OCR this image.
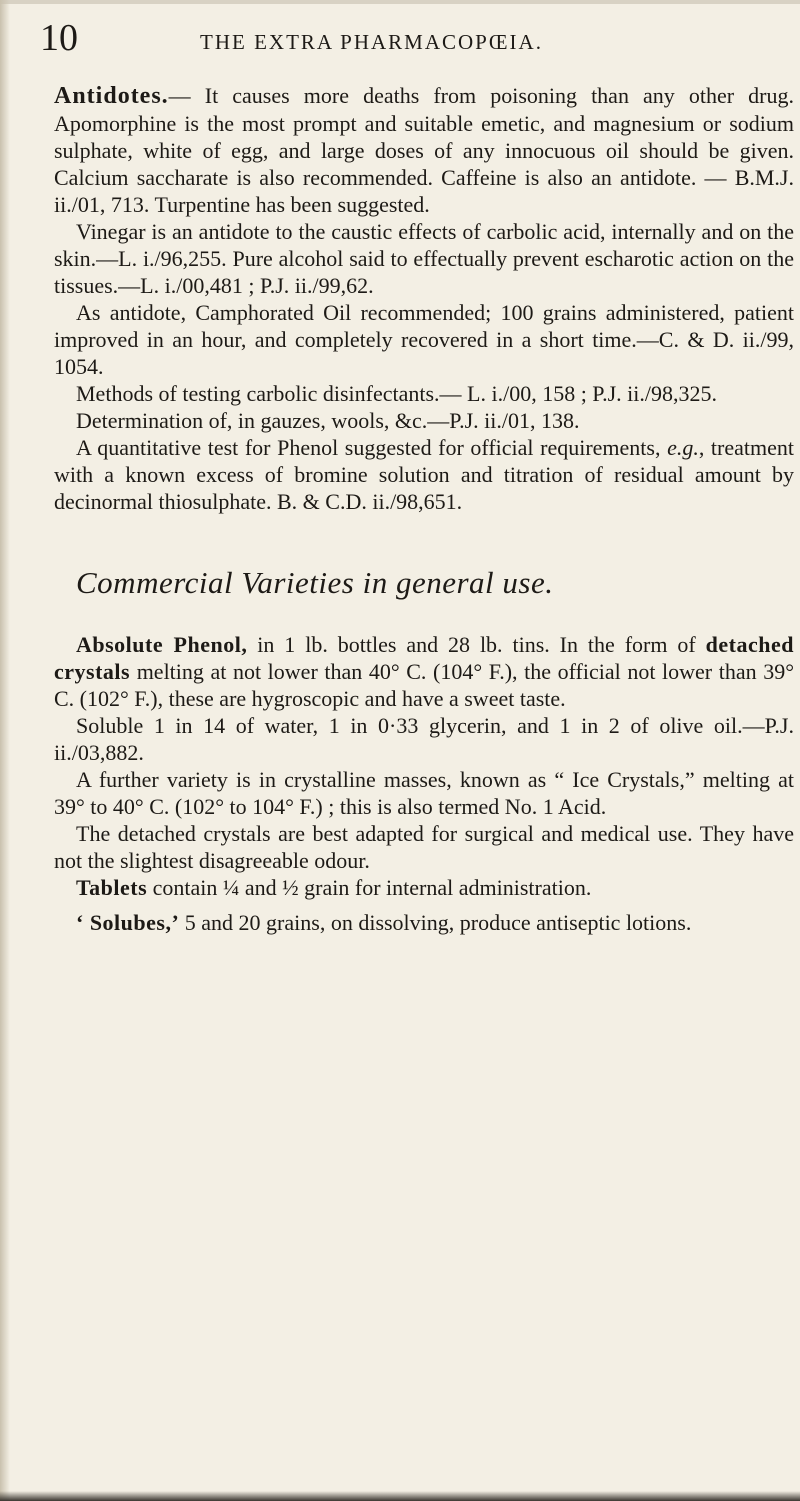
10	THE EXTRA PHARMACOPŒIA.

Antidotes.— It causes more deaths from poisoning than any other drug. Apomorphine is the most prompt and suitable emetic, and magnesium or sodium sulphate, white of egg, and large doses of any innocuous oil should be given. Calcium saccharate is also recommended. Caffeine is also an antidote. — B.M.J. ii./01, 713. Turpentine has been suggested.

Vinegar is an antidote to the caustic effects of carbolic acid, internally and on the skin.—L. i./96,255. Pure alcohol said to effectually prevent escharotic action on the tissues.—L. i./00,481 ; P.J. ii./99,62.

As antidote, Camphorated Oil recommended; 100 grains administered, patient improved in an hour, and completely recovered in a short time.—C. & D. ii./99, 1054.

Methods of testing carbolic disinfectants.— L. i./00, 158 ; P.J. ii./98,325.

Determination of, in gauzes, wools, &c.—P.J. ii./01, 138.

A quantitative test for Phenol suggested for official requirements, e.g., treatment with a known excess of bromine solution and titration of residual amount by decinormal thiosulphate. B. & C.D. ii./98,651.

Commercial Varieties in general use.

Absolute Phenol, in 1 lb. bottles and 28 lb. tins. In the form of detached crystals melting at not lower than 40° C. (104° F.), the official not lower than 39° C. (102° F.), these are hygroscopic and have a sweet taste.

Soluble 1 in 14 of water, 1 in 0·33 glycerin, and 1 in 2 of olive oil.—P.J. ii./03,882.

A further variety is in crystalline masses, known as “ Ice Crystals,” melting at 39° to 40° C. (102° to 104° F.) ; this is also termed No. 1 Acid.

The detached crystals are best adapted for surgical and medical use. They have not the slightest disagreeable odour.

Tablets contain ¼ and ½ grain for internal administration.

‘ Solubes,’ 5 and 20 grains, on dissolving, produce antiseptic lotions.
